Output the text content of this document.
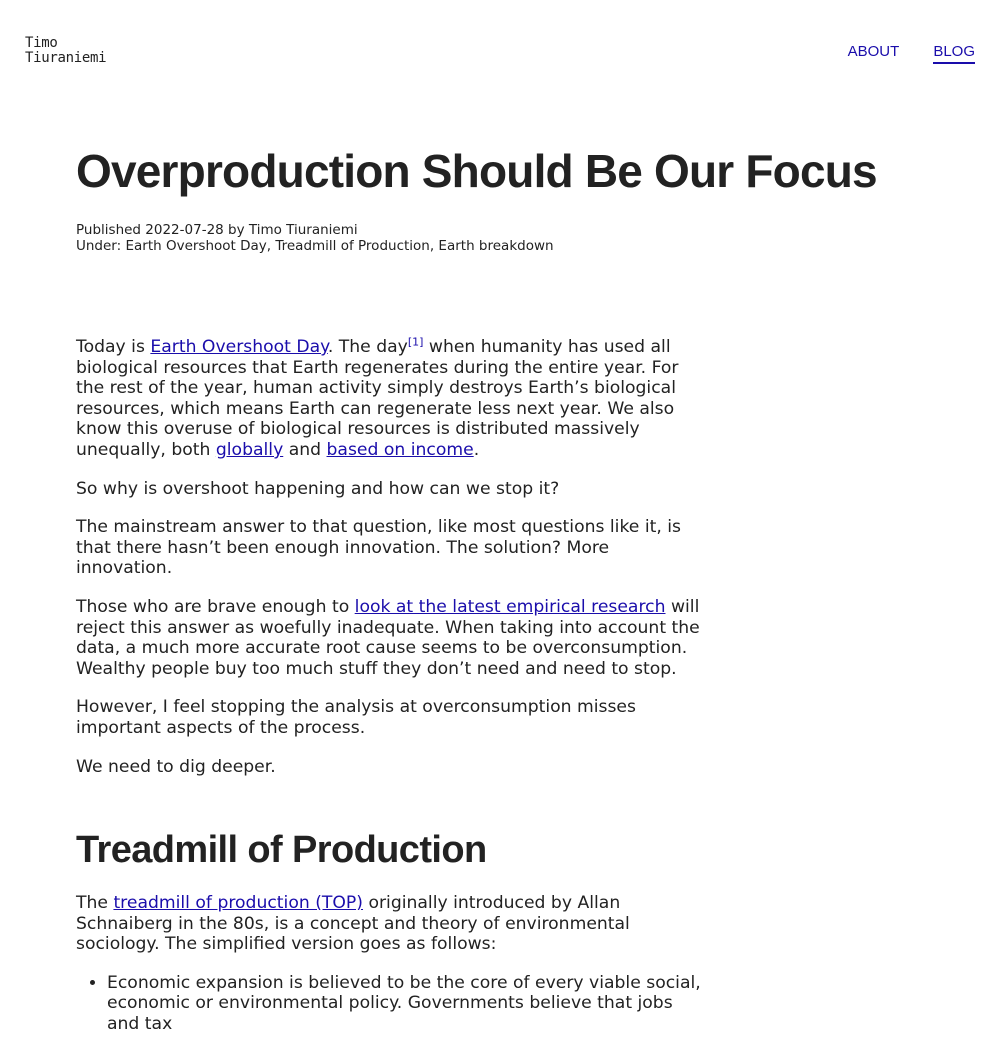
Timo
Tiuraniemi	ABOUT BLOG
Overproduction Should Be Our Focus
Published 2022-07-28 by Timo Tiuraniemi
Under: Earth Overshoot Day, Treadmill of Production, Earth breakdown

Today is Earth Overshoot Day. The day[1] when humanity has used all biological resources that Earth regenerates during the entire year. For the rest of the year, human activity simply destroys Earth’s biological resources, which means Earth can regenerate less next year. We also know this overuse of biological resources is distributed massively unequally, both globally and based on income.

So why is overshoot happening and how can we stop it?

The mainstream answer to that question, like most questions like it, is that there hasn’t been enough innovation. The solution? More innovation.

Those who are brave enough to look at the latest empirical research will reject this answer as woefully inadequate. When taking into account the data, a much more accurate root cause seems to be overconsumption. Wealthy people buy too much stuff they don’t need and need to stop.

However, I feel stopping the analysis at overconsumption misses important aspects of the process.

We need to dig deeper.

Treadmill of Production

The treadmill of production (TOP) originally introduced by Allan Schnaiberg in the 80s, is a concept and theory of environmental sociology. The simplified version goes as follows:

• Economic expansion is believed to be the core of every viable social, economic or environmental policy. Governments believe that jobs and tax
